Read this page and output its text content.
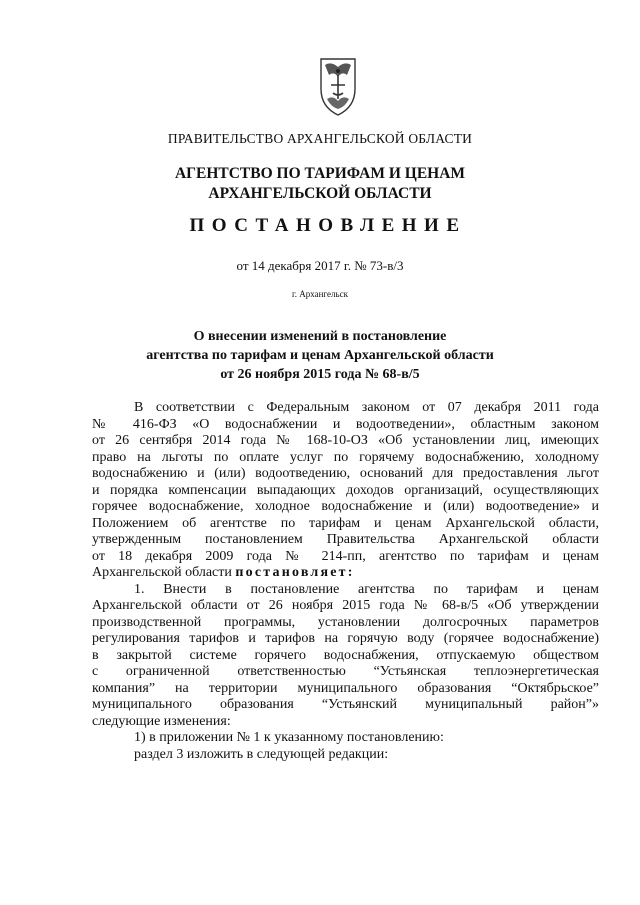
ПРАВИТЕЛЬСТВО АРХАНГЕЛЬСКОЙ ОБЛАСТИ
АГЕНТСТВО ПО ТАРИФАМ И ЦЕНАМ
АРХАНГЕЛЬСКОЙ ОБЛАСТИ
ПОСТАНОВЛЕНИЕ
от 14 декабря 2017 г. № 73-в/3
г. Архангельск
О внесении изменений в постановление
агентства по тарифам и ценам Архангельской области
от 26 ноября 2015 года № 68-в/5

В соответствии с Федеральным законом от 07 декабря 2011 года

№ 416-ФЗ «О водоснабжении и водоотведении», областным законом

от 26 сентября 2014 года № 168-10-ОЗ «Об установлении лиц, имеющих

право на льготы по оплате услуг по горячему водоснабжению, холодному

водоснабжению и (или) водоотведению, оснований для предоставления льгот

и порядка компенсации выпадающих доходов организаций, осуществляющих

горячее водоснабжение, холодное водоснабжение и (или) водоотведение» и

Положением об агентстве по тарифам и ценам Архангельской области,

утвержденным постановлением Правительства Архангельской области

от 18 декабря 2009 года № 214-пп, агентство по тарифам и ценам

Архангельской области постановляет:

1. Внести в постановление агентства по тарифам и ценам

Архангельской области от 26 ноября 2015 года № 68-в/5 «Об утверждении

производственной программы, установлении долгосрочных параметров

регулирования тарифов и тарифов на горячую воду (горячее водоснабжение)

в закрытой системе горячего водоснабжения, отпускаемую обществом

с ограниченной ответственностью “Устьянская теплоэнергетическая

компания” на территории муниципального образования “Октябрьское”

муниципального образования “Устьянский муниципальный район”»

следующие изменения:

1) в приложении № 1 к указанному постановлению:

раздел 3 изложить в следующей редакции:
